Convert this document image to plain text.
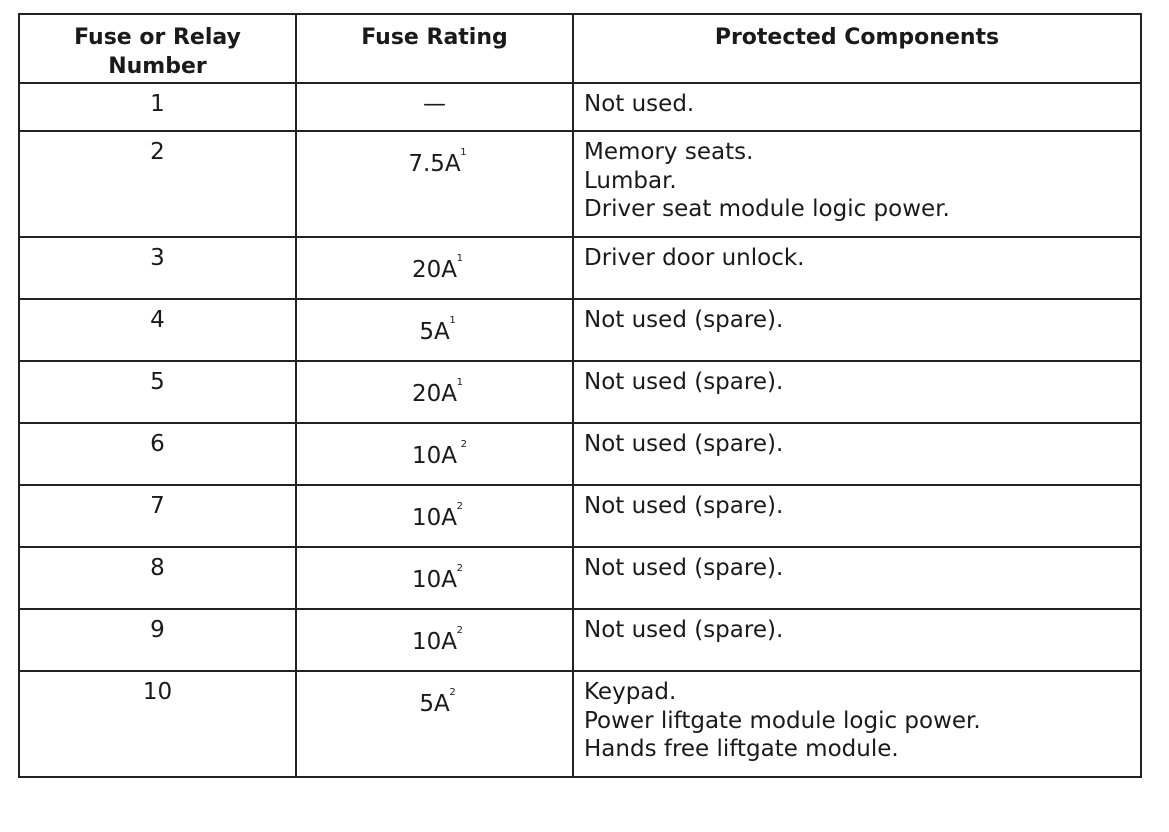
Fuse or Relay Number	Fuse Rating	Protected Components
1	—	Not used.

2	7.5A 1	Memory seats.
Lumbar.
Driver seat module logic power.

3	20A 1	Driver door unlock.

4	5A 1	Not used (spare).

5	20A 1	Not used (spare).

6	10A 2	Not used (spare).

7	10A 2	Not used (spare).

8	10A 2	Not used (spare).

9	10A 2	Not used (spare).

10	5A 2	Keypad.
Power liftgate module logic power.
Hands free liftgate module.
